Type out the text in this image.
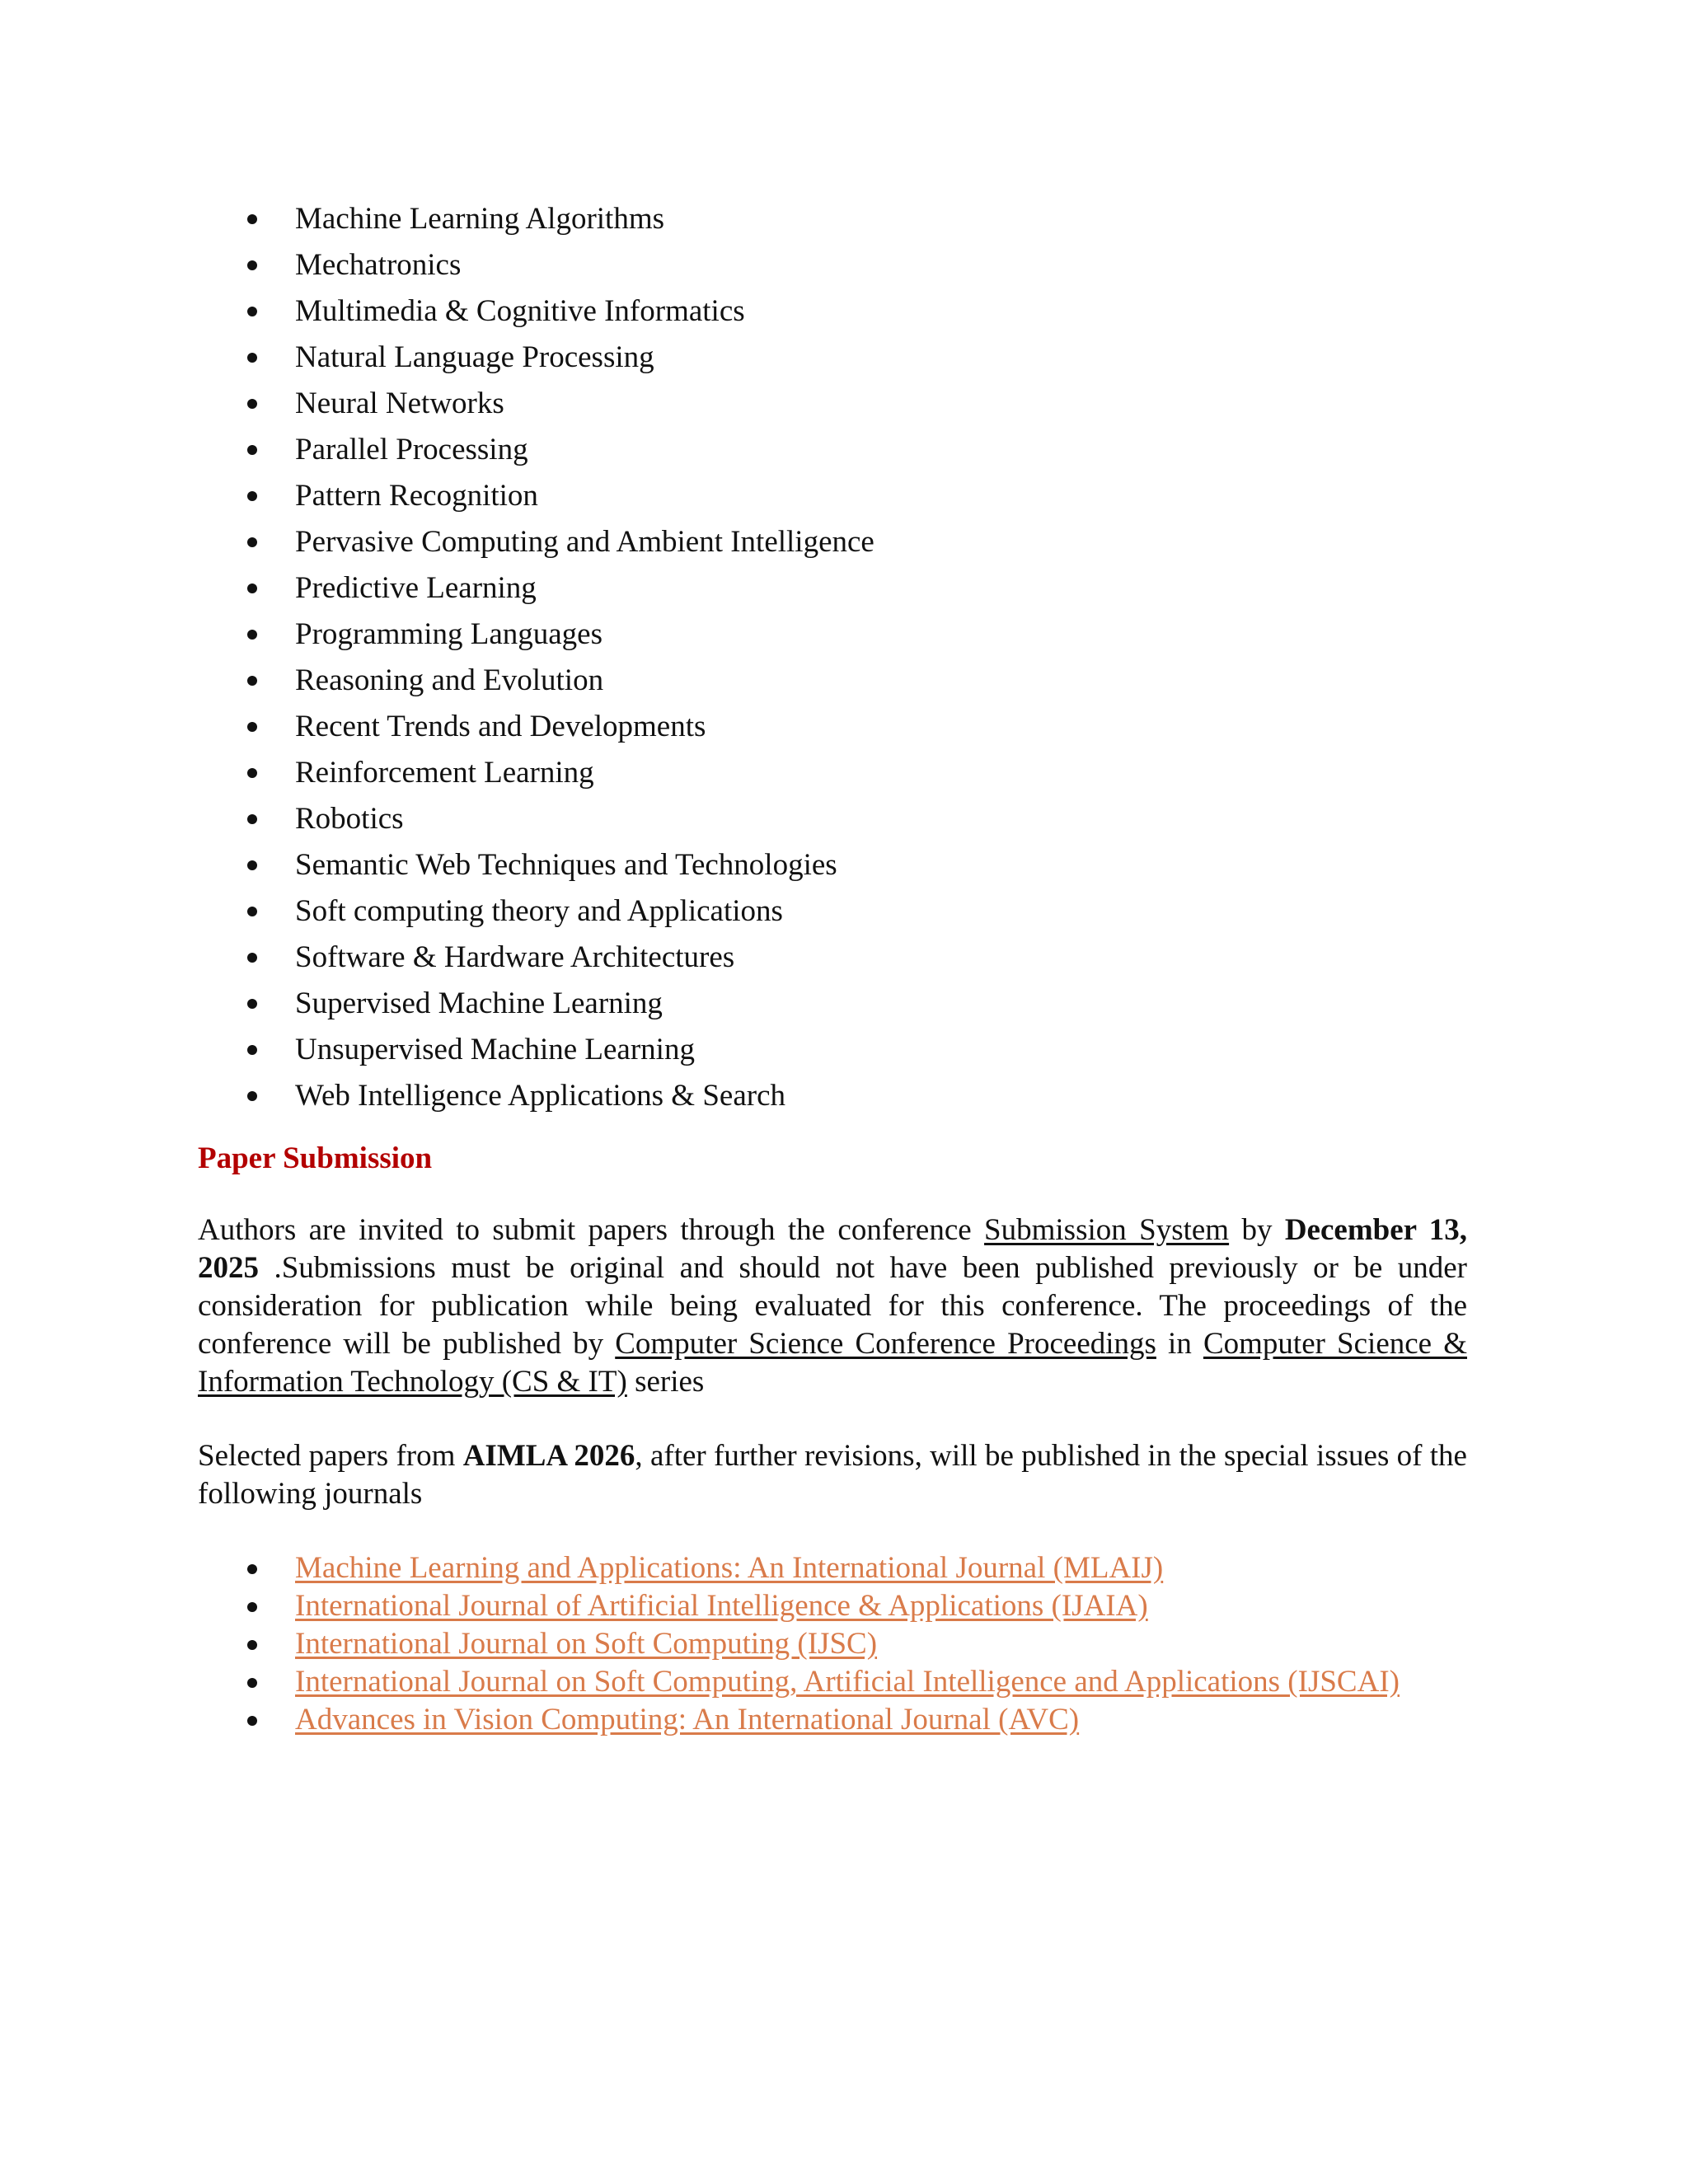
Machine Learning Algorithms
Mechatronics
Multimedia & Cognitive Informatics
Natural Language Processing
Neural Networks
Parallel Processing
Pattern Recognition
Pervasive Computing and Ambient Intelligence
Predictive Learning
Programming Languages
Reasoning and Evolution
Recent Trends and Developments
Reinforcement Learning
Robotics
Semantic Web Techniques and Technologies
Soft computing theory and Applications
Software & Hardware Architectures
Supervised Machine Learning
Unsupervised Machine Learning
Web Intelligence Applications & Search
Paper Submission

Authors are invited to submit papers through the conference Submission System by December 13, 2025 .Submissions must be original and should not have been published previously or be under consideration for publication while being evaluated for this conference. The proceedings of the conference will be published by Computer Science Conference Proceedings in Computer Science & Information Technology (CS & IT) series

Selected papers from AIMLA 2026, after further revisions, will be published in the special issues of the following journals

Machine Learning and Applications: An International Journal (MLAIJ)
International Journal of Artificial Intelligence & Applications (IJAIA)
International Journal on Soft Computing (IJSC)
International Journal on Soft Computing, Artificial Intelligence and Applications (IJSCAI)
Advances in Vision Computing: An International Journal (AVC)
